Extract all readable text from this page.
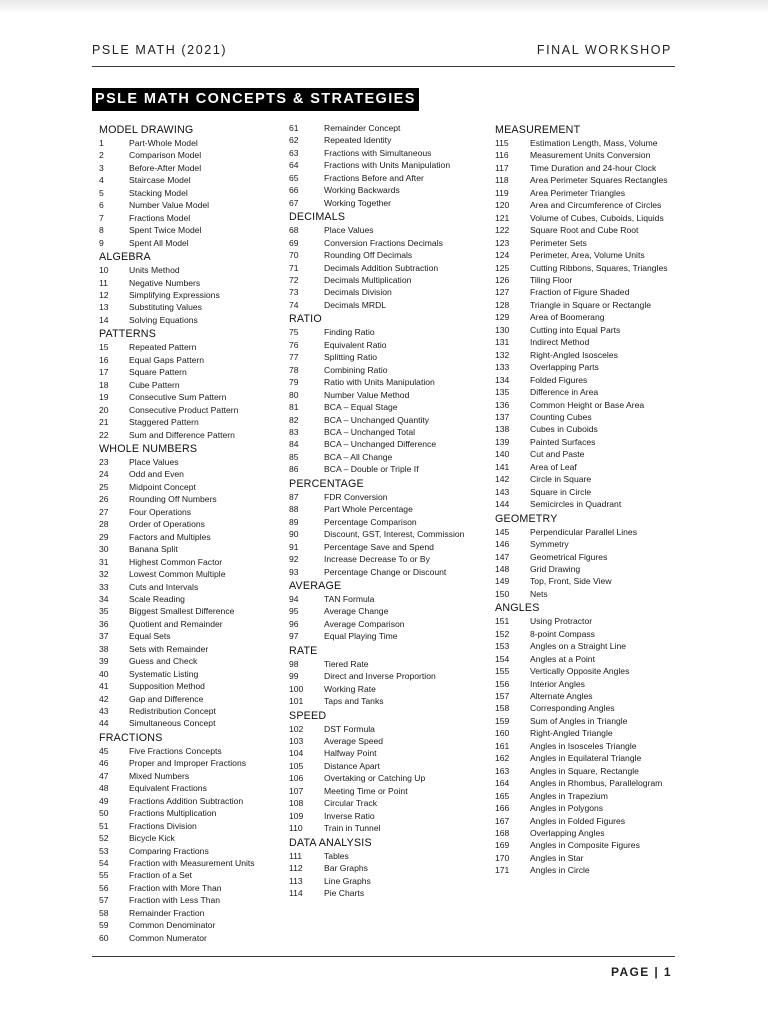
PSLE MATH (2021)	FINAL WORKSHOP
PSLE MATH CONCEPTS & STRATEGIES
MODEL DRAWING
1	Part-Whole Model
2	Comparison Model
3	Before-After Model
4	Staircase Model
5	Stacking Model
6	Number Value Model
7	Fractions Model
8	Spent Twice Model
9	Spent All Model
ALGEBRA
10	Units Method
11	Negative Numbers
12	Simplifying Expressions
13	Substituting Values
14	Solving Equations
PATTERNS
15	Repeated Pattern
16	Equal Gaps Pattern
17	Square Pattern
18	Cube Pattern
19	Consecutive Sum Pattern
20	Consecutive Product Pattern
21	Staggered Pattern
22	Sum and Difference Pattern
WHOLE NUMBERS
23	Place Values
24	Odd and Even
25	Midpoint Concept
26	Rounding Off Numbers
27	Four Operations
28	Order of Operations
29	Factors and Multiples
30	Banana Split
31	Highest Common Factor
32	Lowest Common Multiple
33	Cuts and Intervals
34	Scale Reading
35	Biggest Smallest Difference
36	Quotient and Remainder
37	Equal Sets
38	Sets with Remainder
39	Guess and Check
40	Systematic Listing
41	Supposition Method
42	Gap and Difference
43	Redistribution Concept
44	Simultaneous Concept
FRACTIONS
45	Five Fractions Concepts
46	Proper and Improper Fractions
47	Mixed Numbers
48	Equivalent Fractions
49	Fractions Addition Subtraction
50	Fractions Multiplication
51	Fractions Division
52	Bicycle Kick
53	Comparing Fractions
54	Fraction with Measurement Units
55	Fraction of a Set
56	Fraction with More Than
57	Fraction with Less Than
58	Remainder Fraction
59	Common Denominator
60	Common Numerator
61	Remainder Concept
62	Repeated Identity
63	Fractions with Simultaneous
64	Fractions with Units Manipulation
65	Fractions Before and After
66	Working Backwards
67	Working Together
DECIMALS
68	Place Values
69	Conversion Fractions Decimals
70	Rounding Off Decimals
71	Decimals Addition Subtraction
72	Decimals Multiplication
73	Decimals Division
74	Decimals MRDL
RATIO
75	Finding Ratio
76	Equivalent Ratio
77	Splitting Ratio
78	Combining Ratio
79	Ratio with Units Manipulation
80	Number Value Method
81	BCA – Equal Stage
82	BCA – Unchanged Quantity
83	BCA – Unchanged Total
84	BCA – Unchanged Difference
85	BCA – All Change
86	BCA – Double or Triple If
PERCENTAGE
87	FDR Conversion
88	Part Whole Percentage
89	Percentage Comparison
90	Discount, GST, Interest, Commission
91	Percentage Save and Spend
92	Increase Decrease To or By
93	Percentage Change or Discount
AVERAGE
94	TAN Formula
95	Average Change
96	Average Comparison
97	Equal Playing Time
RATE
98	Tiered Rate
99	Direct and Inverse Proportion
100	Working Rate
101	Taps and Tanks
SPEED
102	DST Formula
103	Average Speed
104	Halfway Point
105	Distance Apart
106	Overtaking or Catching Up
107	Meeting Time or Point
108	Circular Track
109	Inverse Ratio
110	Train in Tunnel
DATA ANALYSIS
111	Tables
112	Bar Graphs
113	Line Graphs
114	Pie Charts
MEASUREMENT
115	Estimation Length, Mass, Volume
116	Measurement Units Conversion
117	Time Duration and 24-hour Clock
118	Area Perimeter Squares Rectangles
119	Area Perimeter Triangles
120	Area and Circumference of Circles
121	Volume of Cubes, Cuboids, Liquids
122	Square Root and Cube Root
123	Perimeter Sets
124	Perimeter, Area, Volume Units
125	Cutting Ribbons, Squares, Triangles
126	Tiling Floor
127	Fraction of Figure Shaded
128	Triangle in Square or Rectangle
129	Area of Boomerang
130	Cutting into Equal Parts
131	Indirect Method
132	Right-Angled Isosceles
133	Overlapping Parts
134	Folded Figures
135	Difference in Area
136	Common Height or Base Area
137	Counting Cubes
138	Cubes in Cuboids
139	Painted Surfaces
140	Cut and Paste
141	Area of Leaf
142	Circle in Square
143	Square in Circle
144	Semicircles in Quadrant
GEOMETRY
145	Perpendicular Parallel Lines
146	Symmetry
147	Geometrical Figures
148	Grid Drawing
149	Top, Front, Side View
150	Nets
ANGLES
151	Using Protractor
152	8-point Compass
153	Angles on a Straight Line
154	Angles at a Point
155	Vertically Opposite Angles
156	Interior Angles
157	Alternate Angles
158	Corresponding Angles
159	Sum of Angles in Triangle
160	Right-Angled Triangle
161	Angles in Isosceles Triangle
162	Angles in Equilateral Triangle
163	Angles in Square, Rectangle
164	Angles in Rhombus, Parallelogram
165	Angles in Trapezium
166	Angles in Polygons
167	Angles in Folded Figures
168	Overlapping Angles
169	Angles in Composite Figures
170	Angles in Star
171	Angles in Circle
PAGE | 1
